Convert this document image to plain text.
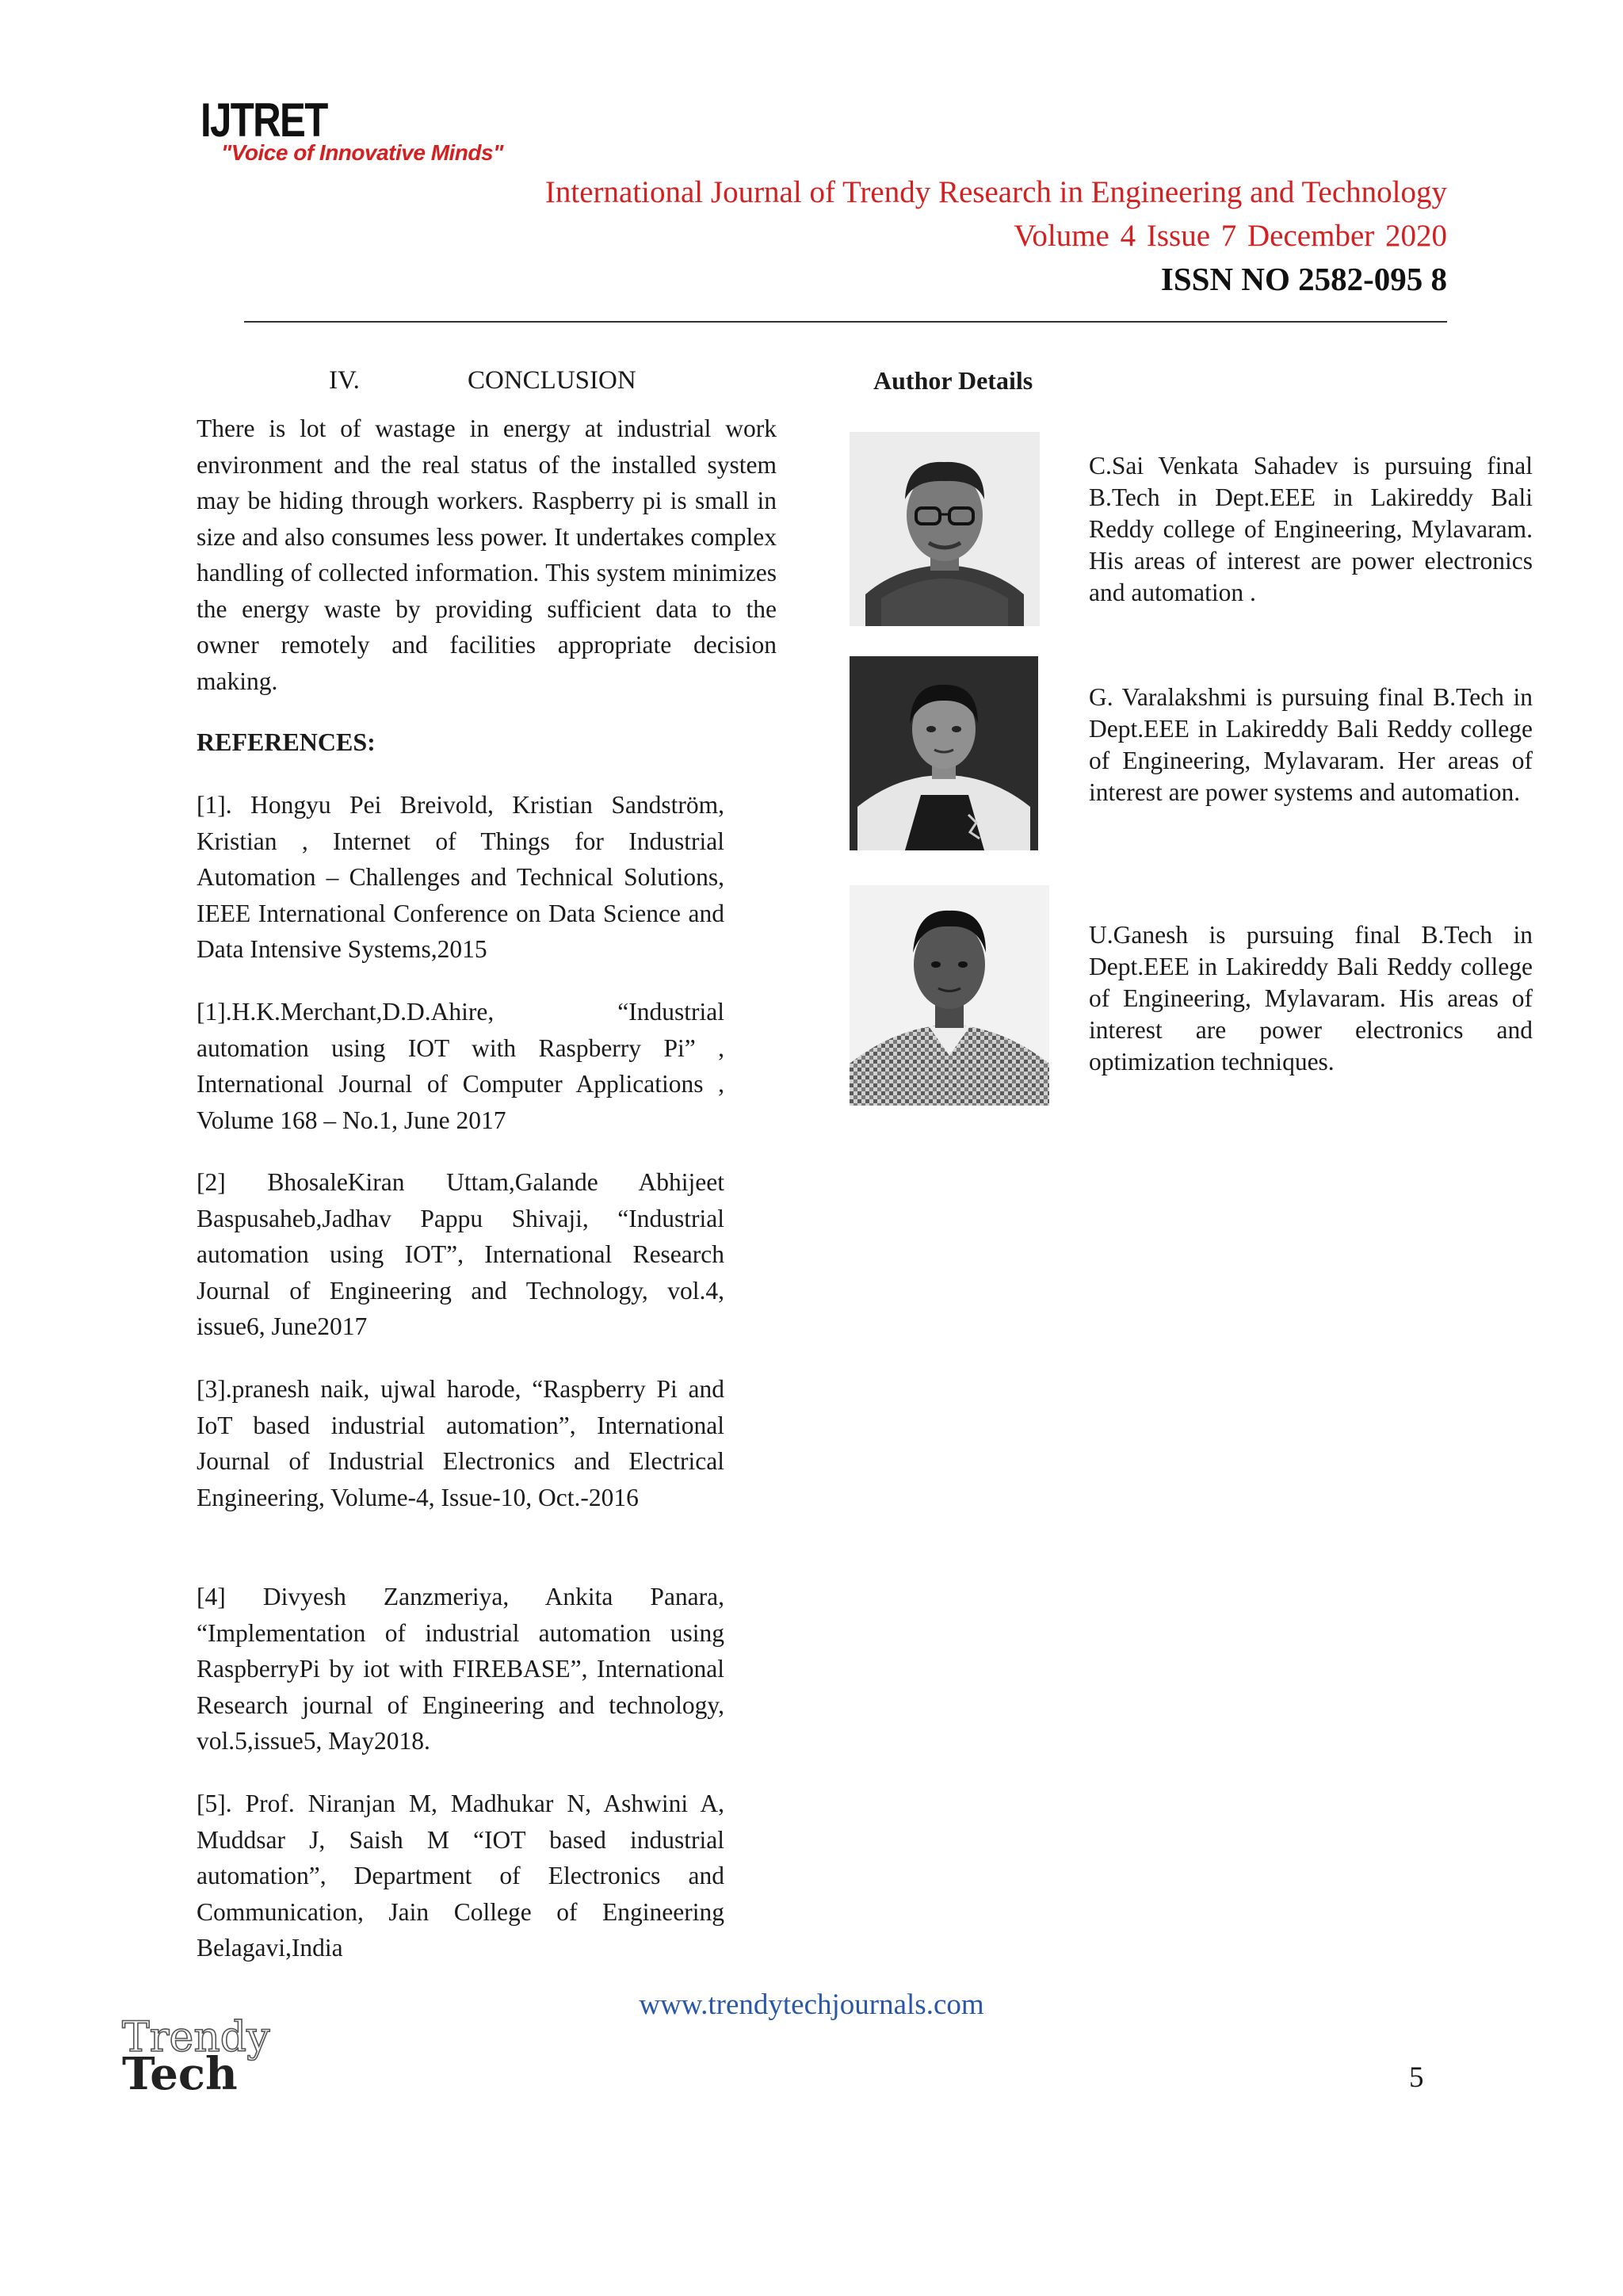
IJTRET
"Voice of Innovative Minds"
International Journal of Trendy Research in Engineering and Technology
Volume 4 Issue 7 December 2020
ISSN NO 2582-095 8
IV.	CONCLUSION

There is lot of wastage in energy at industrial work environment and the real status of the installed system may be hiding through workers. Raspberry pi is small in size and also consumes less power. It undertakes complex handling of collected information. This system minimizes the energy waste by providing sufficient data to the owner remotely and facilities appropriate decision making.

REFERENCES:

[1]. Hongyu Pei Breivold, Kristian Sandström, Kristian , Internet of Things for Industrial Automation – Challenges and Technical Solutions, IEEE International Conference on Data Science and Data Intensive Systems,2015

[1].H.K.Merchant,D.D.Ahire, “Industrial automation using IOT with Raspberry Pi” , International Journal of Computer Applications , Volume 168 – No.1, June 2017

[2] BhosaleKiran Uttam,Galande Abhijeet Baspusaheb,Jadhav Pappu Shivaji, “Industrial automation using IOT”, International Research Journal of Engineering and Technology, vol.4, issue6, June2017

[3].pranesh naik, ujwal harode, “Raspberry Pi and IoT based industrial automation”, International Journal of Industrial Electronics and Electrical Engineering, Volume-4, Issue-10, Oct.-2016

[4] Divyesh Zanzmeriya, Ankita Panara, “Implementation of industrial automation using RaspberryPi by iot with FIREBASE”, International Research journal of Engineering and technology, vol.5,issue5, May2018.

[5]. Prof. Niranjan M, Madhukar N, Ashwini A, Muddsar J, Saish M “IOT based industrial automation”, Department of Electronics and Communication, Jain College of Engineering Belagavi,India

Author Details

C.Sai Venkata Sahadev is pursuing final B.Tech in Dept.EEE in Lakireddy Bali Reddy college of Engineering, Mylavaram. His areas of interest are power electronics and automation .

G. Varalakshmi is pursuing final B.Tech in Dept.EEE in Lakireddy Bali Reddy college of Engineering, Mylavaram. Her areas of interest are power systems and automation.

U.Ganesh is pursuing final B.Tech in Dept.EEE in Lakireddy Bali Reddy college of Engineering, Mylavaram. His areas of interest are power electronics and optimization techniques.

www.trendytechjournals.com
Trendy
Tech	5
